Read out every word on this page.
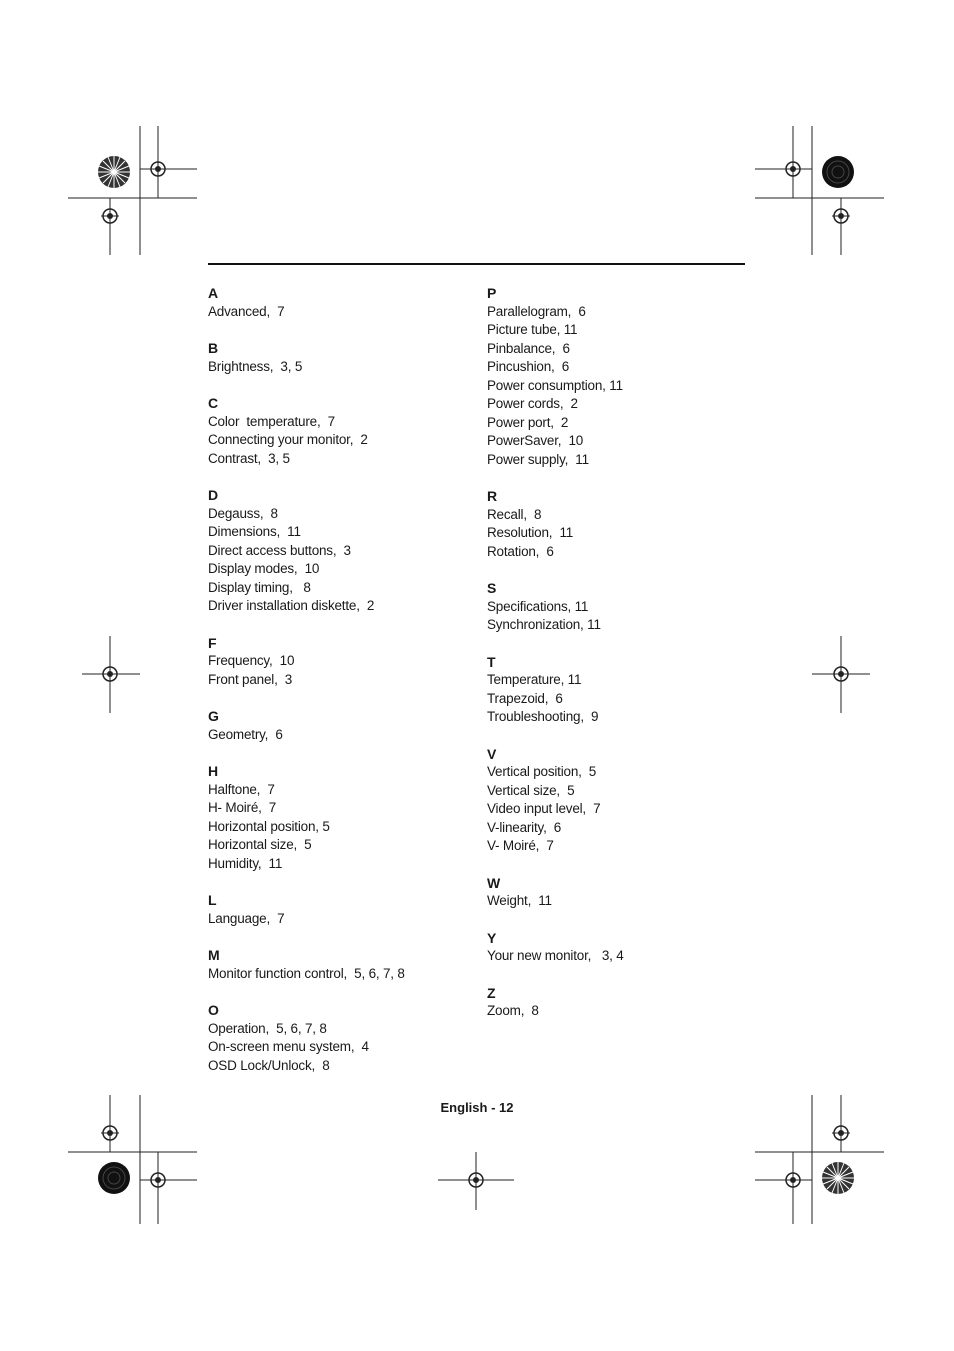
A
Advanced,  7
B
Brightness,  3, 5
C
Color  temperature,  7
Connecting your monitor,  2
Contrast,  3, 5
D
Degauss,  8
Dimensions,  11
Direct access buttons,  3
Display modes,  10
Display timing,   8
Driver installation diskette,  2
F
Frequency,  10
Front panel,  3
G
Geometry,  6
H
Halftone,  7
H- Moiré,  7
Horizontal position, 5
Horizontal size,  5
Humidity,  11
L
Language,  7
M
Monitor function control,  5, 6, 7, 8
O
Operation,  5, 6, 7, 8
On-screen menu system,  4
OSD Lock/Unlock,  8
P
Parallelogram,  6
Picture tube, 11
Pinbalance,  6
Pincushion,  6
Power consumption, 11
Power cords,  2
Power port,  2
PowerSaver,  10
Power supply,  11
R
Recall,  8
Resolution,  11
Rotation,  6
S
Specifications, 11
Synchronization, 11
T
Temperature, 11
Trapezoid,  6
Troubleshooting,  9
V
Vertical position,  5
Vertical size,  5
Video input level,  7
V-linearity,  6
V- Moiré,  7
W
Weight,  11
Y
Your new monitor,   3, 4
Z
Zoom,  8
English - 12
